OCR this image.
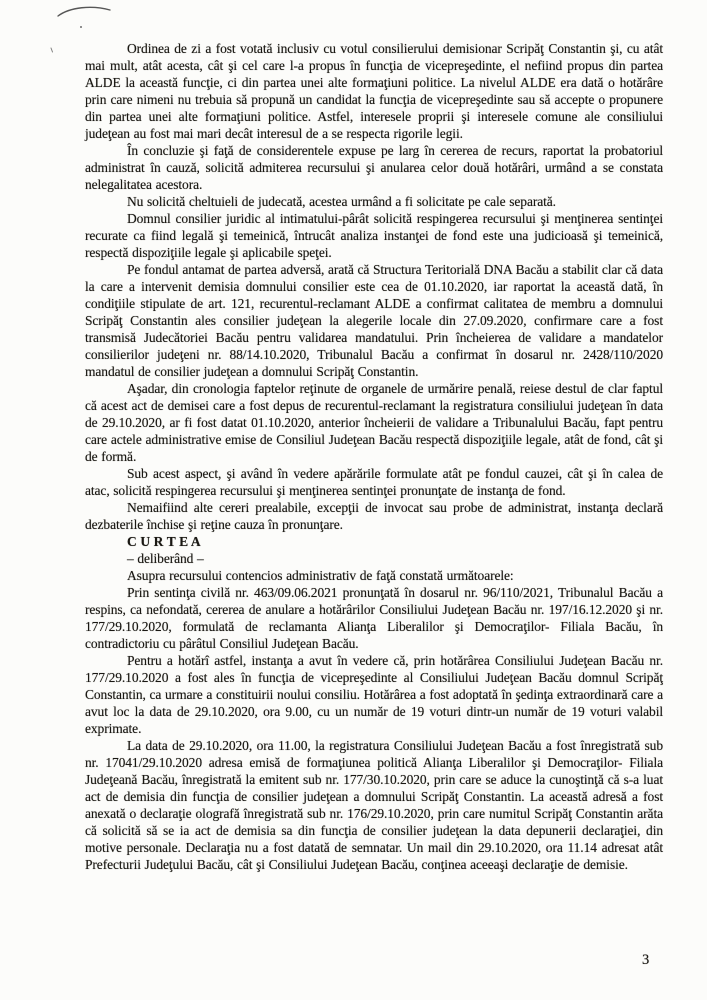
Ordinea de zi a fost votată inclusiv cu votul consilierului demisionar Scripăţ Constantin şi, cu atât mai mult, atât acesta, cât şi cel care l-a propus în funcţia de vicepreşedinte, el nefiind propus din partea ALDE la această funcţie, ci din partea unei alte formaţiuni politice. La nivelul ALDE era dată o hotărâre prin care nimeni nu trebuia să propună un candidat la funcţia de vicepreşedinte sau să accepte o propunere din partea unei alte formaţiuni politice. Astfel, interesele proprii şi interesele comune ale consiliului judeţean au fost mai mari decât interesul de a se respecta rigorile legii.

În concluzie şi faţă de considerentele expuse pe larg în cererea de recurs, raportat la probatoriul administrat în cauză, solicită admiterea recursului şi anularea celor două hotărâri, urmând a se constata nelegalitatea acestora.

Nu solicită cheltuieli de judecată, acestea urmând a fi solicitate pe cale separată.

Domnul consilier juridic al intimatului-pârât solicită respingerea recursului şi menţinerea sentinţei recurate ca fiind legală şi temeinică, întrucât analiza instanţei de fond este una judicioasă şi temeinică, respectă dispoziţiile legale şi aplicabile speţei.

Pe fondul antamat de partea adversă, arată că Structura Teritorială DNA Bacău a stabilit clar că data la care a intervenit demisia domnului consilier este cea de 01.10.2020, iar raportat la această dată, în condiţiile stipulate de art. 121, recurentul-reclamant ALDE a confirmat calitatea de membru a domnului Scripăţ Constantin ales consilier judeţean la alegerile locale din 27.09.2020, confirmare care a fost transmisă Judecătoriei Bacău pentru validarea mandatului. Prin încheierea de validare a mandatelor consilierilor judeţeni nr. 88/14.10.2020, Tribunalul Bacău a confirmat în dosarul nr. 2428/110/2020 mandatul de consilier judeţean a domnului Scripăţ Constantin.

Aşadar, din cronologia faptelor reţinute de organele de urmărire penală, reiese destul de clar faptul că acest act de demisei care a fost depus de recurentul-reclamant la registratura consiliului judeţean în data de 29.10.2020, ar fi fost datat 01.10.2020, anterior încheierii de validare a Tribunalului Bacău, fapt pentru care actele administrative emise de Consiliul Judeţean Bacău respectă dispoziţiile legale, atât de fond, cât şi de formă.

Sub acest aspect, şi având în vedere apărările formulate atât pe fondul cauzei, cât şi în calea de atac, solicită respingerea recursului şi menţinerea sentinţei pronunţate de instanţa de fond.

Nemaifiind alte cereri prealabile, excepţii de invocat sau probe de administrat, instanţa declară dezbaterile închise şi reţine cauza în pronunţare.

C U R T E A

– deliberând –

Asupra recursului contencios administrativ de faţă constată următoarele:

Prin sentinţa civilă nr. 463/09.06.2021 pronunţată în dosarul nr. 96/110/2021, Tribunalul Bacău a respins, ca nefondată, cererea de anulare a hotărârilor Consiliului Judeţean Bacău nr. 197/16.12.2020 şi nr. 177/29.10.2020, formulată de reclamanta Alianţa Liberalilor şi Democraţilor- Filiala Bacău, în contradictoriu cu pârâtul Consiliul Judeţean Bacău.

Pentru a hotărî astfel, instanţa a avut în vedere că, prin hotărârea Consiliului Judeţean Bacău nr. 177/29.10.2020 a fost ales în funcţia de vicepreşedinte al Consiliului Judeţean Bacău domnul Scripăţ Constantin, ca urmare a constituirii noului consiliu. Hotărârea a fost adoptată în şedinţa extraordinară care a avut loc la data de 29.10.2020, ora 9.00, cu un număr de 19 voturi dintr-un număr de 19 voturi valabil exprimate.

La data de 29.10.2020, ora 11.00, la registratura Consiliului Judeţean Bacău a fost înregistrată sub nr. 17041/29.10.2020 adresa emisă de formaţiunea politică Alianţa Liberalilor şi Democraţilor- Filiala Judeţeană Bacău, înregistrată la emitent sub nr. 177/30.10.2020, prin care se aduce la cunoştinţă că s-a luat act de demisia din funcţia de consilier judeţean a domnului Scripăţ Constantin. La această adresă a fost anexată o declaraţie olografă înregistrată sub nr. 176/29.10.2020, prin care numitul Scripăţ Constantin arăta că solicită să se ia act de demisia sa din funcţia de consilier judeţean la data depunerii declaraţiei, din motive personale. Declaraţia nu a fost datată de semnatar. Un mail din 29.10.2020, ora 11.14 adresat atât Prefecturii Judeţului Bacău, cât şi Consiliului Judeţean Bacău, conţinea aceeaşi declaraţie de demisie.

3
